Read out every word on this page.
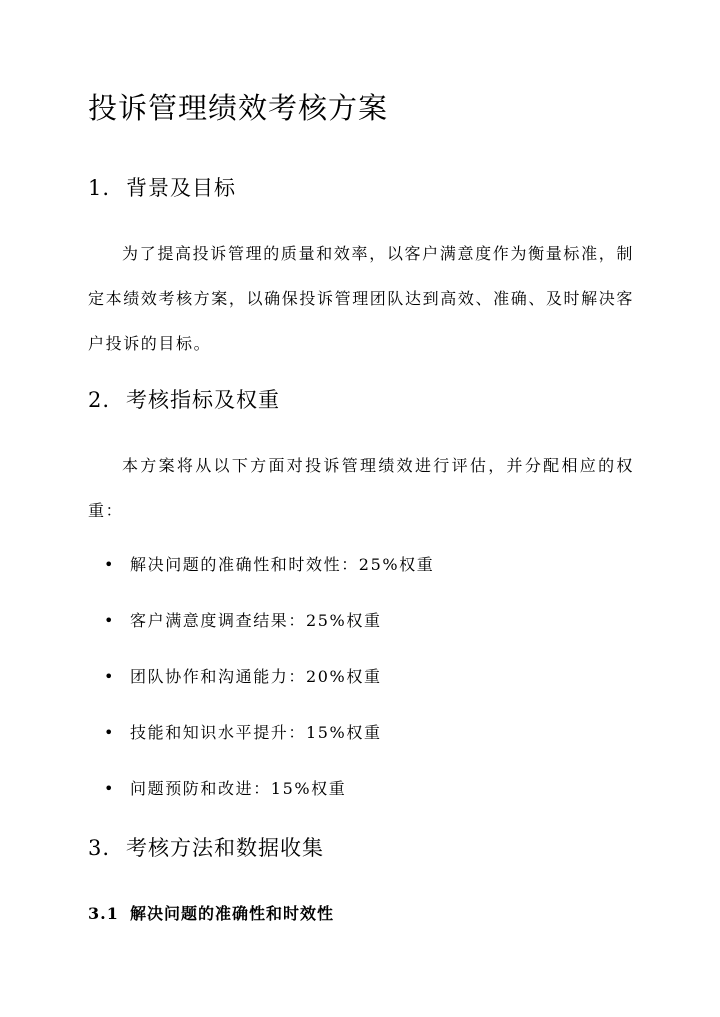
投诉管理绩效考核方案
1. 背景及目标

为了提高投诉管理的质量和效率，以客户满意度作为衡量标准，制定本绩效考核方案，以确保投诉管理团队达到高效、准确、及时解决客户投诉的目标。

2. 考核指标及权重

本方案将从以下方面对投诉管理绩效进行评估，并分配相应的权重：

• 解决问题的准确性和时效性：25%权重
• 客户满意度调查结果：25%权重
• 团队协作和沟通能力：20%权重
• 技能和知识水平提升：15%权重
• 问题预防和改进：15%权重
3. 考核方法和数据收集
3.1 解决问题的准确性和时效性
